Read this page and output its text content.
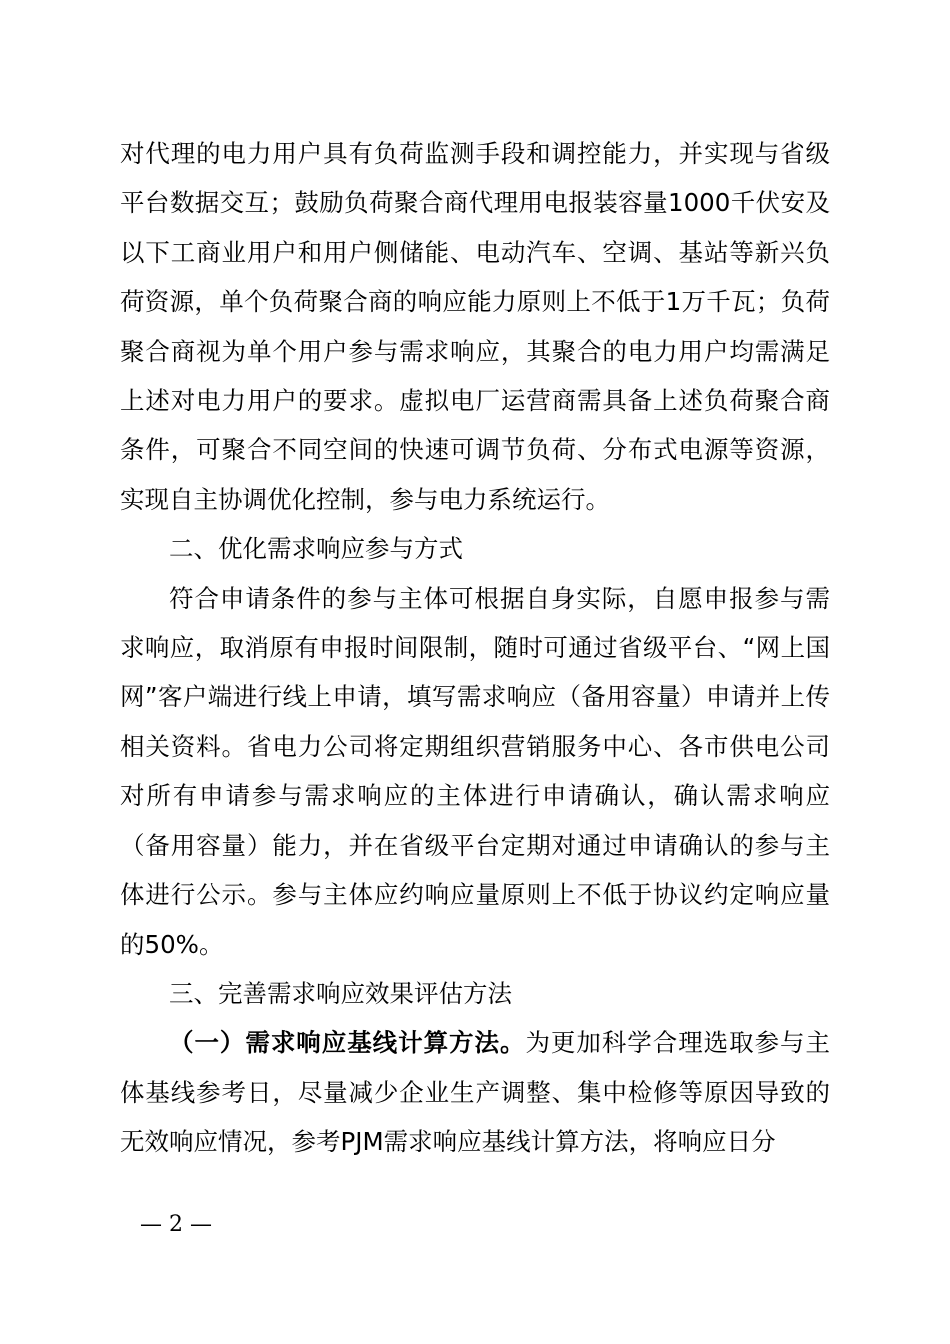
对代理的电力用户具有负荷监测手段和调控能力，并实现与省级平台数据交互；鼓励负荷聚合商代理用电报装容量1000千伏安及以下工商业用户和用户侧储能、电动汽车、空调、基站等新兴负荷资源，单个负荷聚合商的响应能力原则上不低于1万千瓦；负荷聚合商视为单个用户参与需求响应，其聚合的电力用户均需满足上述对电力用户的要求。虚拟电厂运营商需具备上述负荷聚合商条件，可聚合不同空间的快速可调节负荷、分布式电源等资源，实现自主协调优化控制，参与电力系统运行。

二、优化需求响应参与方式

符合申请条件的参与主体可根据自身实际，自愿申报参与需求响应，取消原有申报时间限制，随时可通过省级平台、“网上国网”客户端进行线上申请，填写需求响应（备用容量）申请并上传相关资料。省电力公司将定期组织营销服务中心、各市供电公司对所有申请参与需求响应的主体进行申请确认，确认需求响应（备用容量）能力，并在省级平台定期对通过申请确认的参与主体进行公示。参与主体应约响应量原则上不低于协议约定响应量的50%。

三、完善需求响应效果评估方法

（一）需求响应基线计算方法。为更加科学合理选取参与主体基线参考日，尽量减少企业生产调整、集中检修等原因导致的无效响应情况，参考PJM需求响应基线计算方法，将响应日分

— 2 —
